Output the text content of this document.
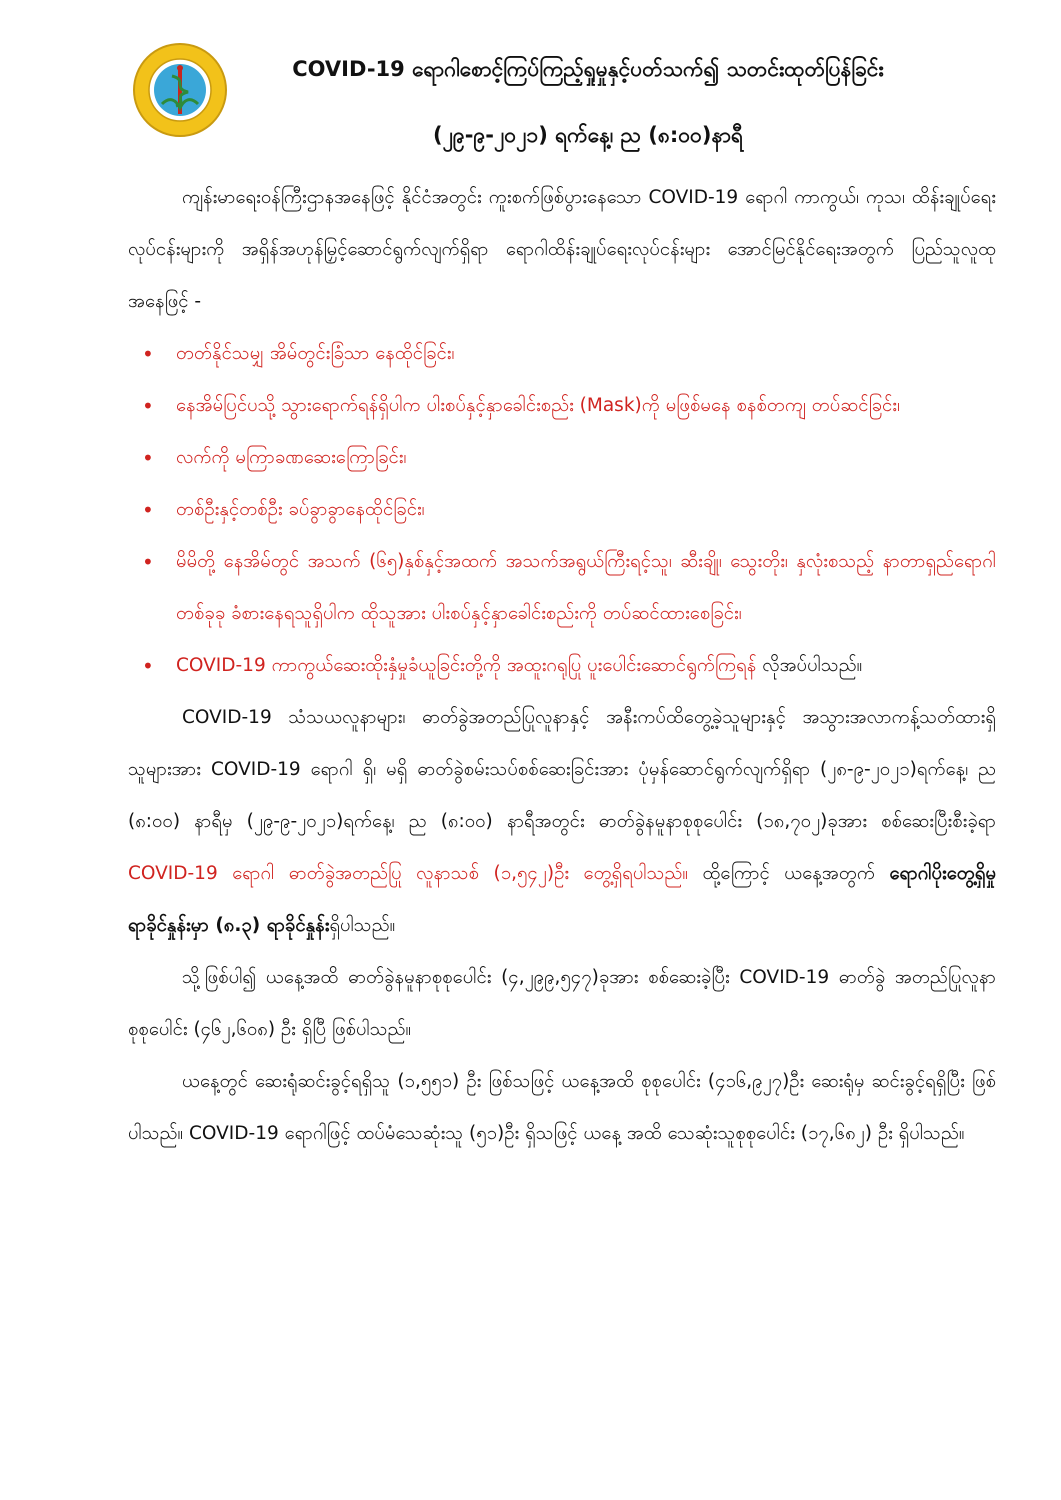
COVID-19 ရောဂါစောင့်ကြပ်ကြည့်ရှုမှုနှင့်ပတ်သက်၍ သတင်းထုတ်ပြန်ခြင်း
(၂၉-၉-၂၀၂၁) ရက်နေ့၊ ည (၈:၀၀)နာရီ

ကျန်းမာရေးဝန်ကြီးဌာနအနေဖြင့် နိုင်ငံအတွင်း ကူးစက်ဖြစ်ပွားနေသော COVID-19 ရောဂါ ကာကွယ်၊ ကုသ၊ ထိန်းချုပ်ရေးလုပ်ငန်းများကို အရှိန်အဟုန်မြှင့်ဆောင်ရွက်လျက်ရှိရာ ရောဂါထိန်းချုပ်ရေးလုပ်ငန်းများ အောင်မြင်နိုင်ရေးအတွက် ပြည်သူလူထုအနေဖြင့် -

• တတ်နိုင်သမျှ အိမ်တွင်းခြံသာ နေထိုင်ခြင်း၊
• နေအိမ်ပြင်ပသို့ သွားရောက်ရန်ရှိပါက ပါးစပ်နှင့်နှာခေါင်းစည်း (Mask)ကို မဖြစ်မနေ စနစ်တကျ တပ်ဆင်ခြင်း၊
• လက်ကို မကြာခဏဆေးကြောခြင်း၊
• တစ်ဦးနှင့်တစ်ဦး ခပ်ခွာခွာနေထိုင်ခြင်း၊
• မိမိတို့ နေအိမ်တွင် အသက် (၆၅)နှစ်နှင့်အထက် အသက်အရွယ်ကြီးရင့်သူ၊ ဆီးချို၊ သွေးတိုး၊ နှလုံးစသည့် နာတာရှည်ရောဂါတစ်ခုခု ခံစားနေရသူရှိပါက ထိုသူအား ပါးစပ်နှင့်နှာခေါင်းစည်းကို တပ်ဆင်ထားစေခြင်း၊
• COVID-19 ကာကွယ်ဆေးထိုးနှံမှုခံယူခြင်းတို့ကို အထူးဂရုပြု ပူးပေါင်းဆောင်ရွက်ကြရန် လိုအပ်ပါသည်။

COVID-19 သံသယလူနာများ၊ ဓာတ်ခွဲအတည်ပြုလူနာနှင့် အနီးကပ်ထိတွေ့ခဲ့သူများနှင့် အသွားအလာကန့်သတ်ထားရှိသူများအား COVID-19 ရောဂါ ရှိ၊ မရှိ ဓာတ်ခွဲစမ်းသပ်စစ်ဆေးခြင်းအား ပုံမှန်ဆောင်ရွက်လျက်ရှိရာ (၂၈-၉-၂၀၂၁)ရက်နေ့၊ ည (၈:၀၀) နာရီမှ (၂၉-၉-၂၀၂၁)ရက်နေ့၊ ည (၈:၀၀) နာရီအတွင်း ဓာတ်ခွဲနမူနာစုစုပေါင်း (၁၈,၇၀၂)ခုအား စစ်ဆေးပြီးစီးခဲ့ရာ COVID-19 ရောဂါ ဓာတ်ခွဲအတည်ပြု လူနာသစ် (၁,၅၄၂)ဦး တွေ့ရှိရပါသည်။ ထို့ကြောင့် ယနေ့အတွက် ရောဂါပိုးတွေ့ရှိမှု ရာခိုင်နှုန်းမှာ (၈.၃) ရာခိုင်နှုန်းရှိပါသည်။

သို့ဖြစ်ပါ၍ ယနေ့အထိ ဓာတ်ခွဲနမူနာစုစုပေါင်း (၄,၂၉၉,၅၄၇)ခုအား စစ်ဆေးခဲ့ပြီး COVID-19 ဓာတ်ခွဲ အတည်ပြုလူနာ စုစုပေါင်း (၄၆၂,၆၀၈) ဦး ရှိပြီ ဖြစ်ပါသည်။

ယနေ့တွင် ဆေးရုံဆင်းခွင့်ရရှိသူ (၁,၅၅၁) ဦး ဖြစ်သဖြင့် ယနေ့အထိ စုစုပေါင်း (၄၁၆,၉၂၇)ဦး ဆေးရုံမှ ဆင်းခွင့်ရရှိပြီး ဖြစ်ပါသည်။ COVID-19 ရောဂါဖြင့် ထပ်မံသေဆုံးသူ (၅၁)ဦး ရှိသဖြင့် ယနေ့ အထိ သေဆုံးသူစုစုပေါင်း (၁၇,၆၈၂) ဦး ရှိပါသည်။
